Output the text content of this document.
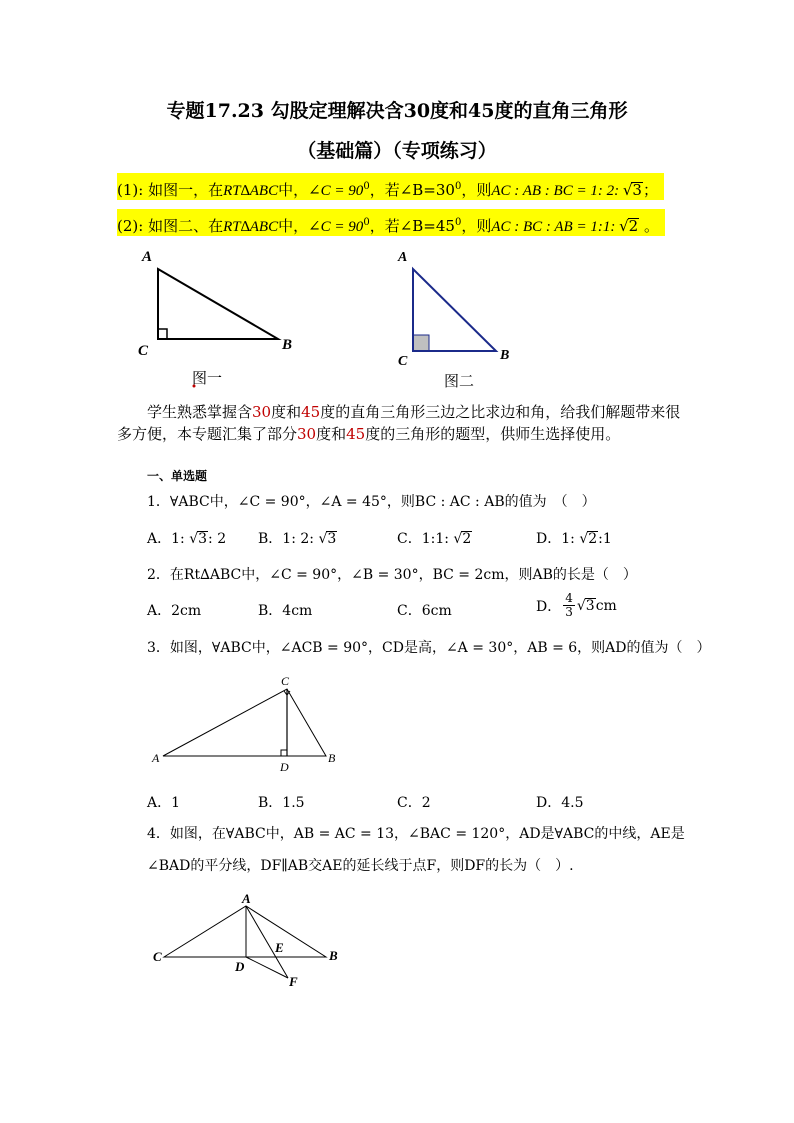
专题17.23 勾股定理解决含30度和45度的直角三角形
（基础篇）（专项练习）
(1): 如图一，在RT∆ABC中，∠C = $90^0$，若$\angle B=30^0$，则AC : AB : BC = 1: 2: √3；
(2): 如图二、在RT∆ABC中，∠C = $90^0$，若$\angle B=45^0$，则AC : BC : AB = 1:1: √2 。
A
B
C
图一
A
B
C
图二
学生熟悉掌握含30度和45度的直角三角形三边之比求边和角，给我们解题带来很多方便，本专题汇集了部分30度和45度的三角形的题型，供师生选择使用。
一、单选题
1．∀ABC中，∠C = 90°，∠A = 45°，则BC : AC : AB的值为　（　）
A．1: √3: 2 B．1: 2: √3	C．1:1: √2	D．1: √2:1
2．在Rt∆ABC中，∠C = 90°，∠B = 30°，BC = 2cm，则AB的长是（　）
A．2cm	B．4cm	C．6cm	D． $\frac{4}{3}$ √ 3 cm
3．如图，∀ABC中，∠ACB = 90°，CD是高，∠A = 30°，AB = 6，则AD的值为（　）
A	B
C
D
A．1	B．1.5	C．2	D．4.5
4．如图，在∀ABC中，AB = AC = 13，∠BAC = 120°，AD是∀ABC的中线，AE是
∠BAD的平分线，DF∥AB交AE的延长线于点F，则DF的长为（　）.
A
B
C
D
E
F
